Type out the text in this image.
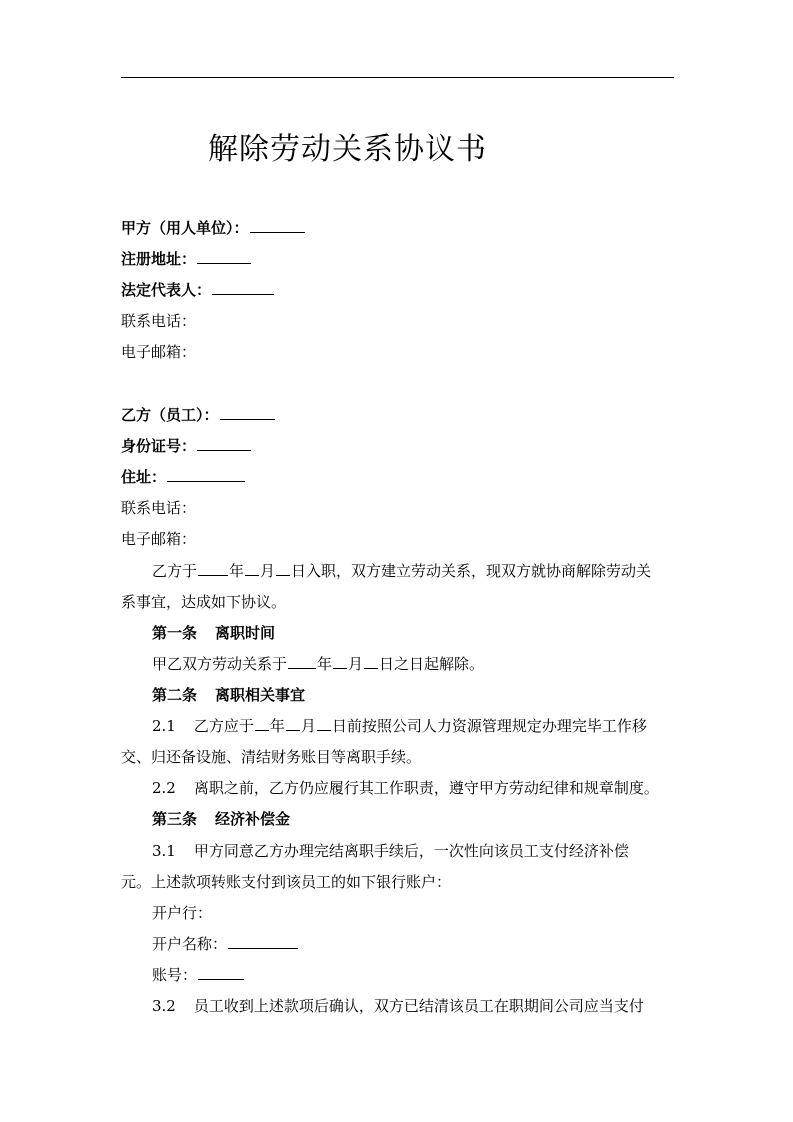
解除劳动关系协议书
甲方（用人单位）：
注册地址：
法定代表人：
联系电话：
电子邮箱：
乙方（员工）：
身份证号：
住址：
联系电话：
电子邮箱：
乙方于 年 月 日入职，双方建立劳动关系，现双方就协商解除劳动关
系事宜，达成如下协议。
第一条 离职时间
甲乙双方劳动关系于 年 月 日之日起解除。
第二条 离职相关事宜
2.1 乙方应于 年 月 日前按照公司人力资源管理规定办理完毕工作移
交、归还备设施、清结财务账目等离职手续。
2.2 离职之前，乙方仍应履行其工作职责，遵守甲方劳动纪律和规章制度。
第三条 经济补偿金
3.1 甲方同意乙方办理完结离职手续后，一次性向该员工支付经济补偿
元。上述款项转账支付到该员工的如下银行账户：
开户行：
开户名称：
账号：
3.2 员工收到上述款项后确认，双方已结清该员工在职期间公司应当支付
